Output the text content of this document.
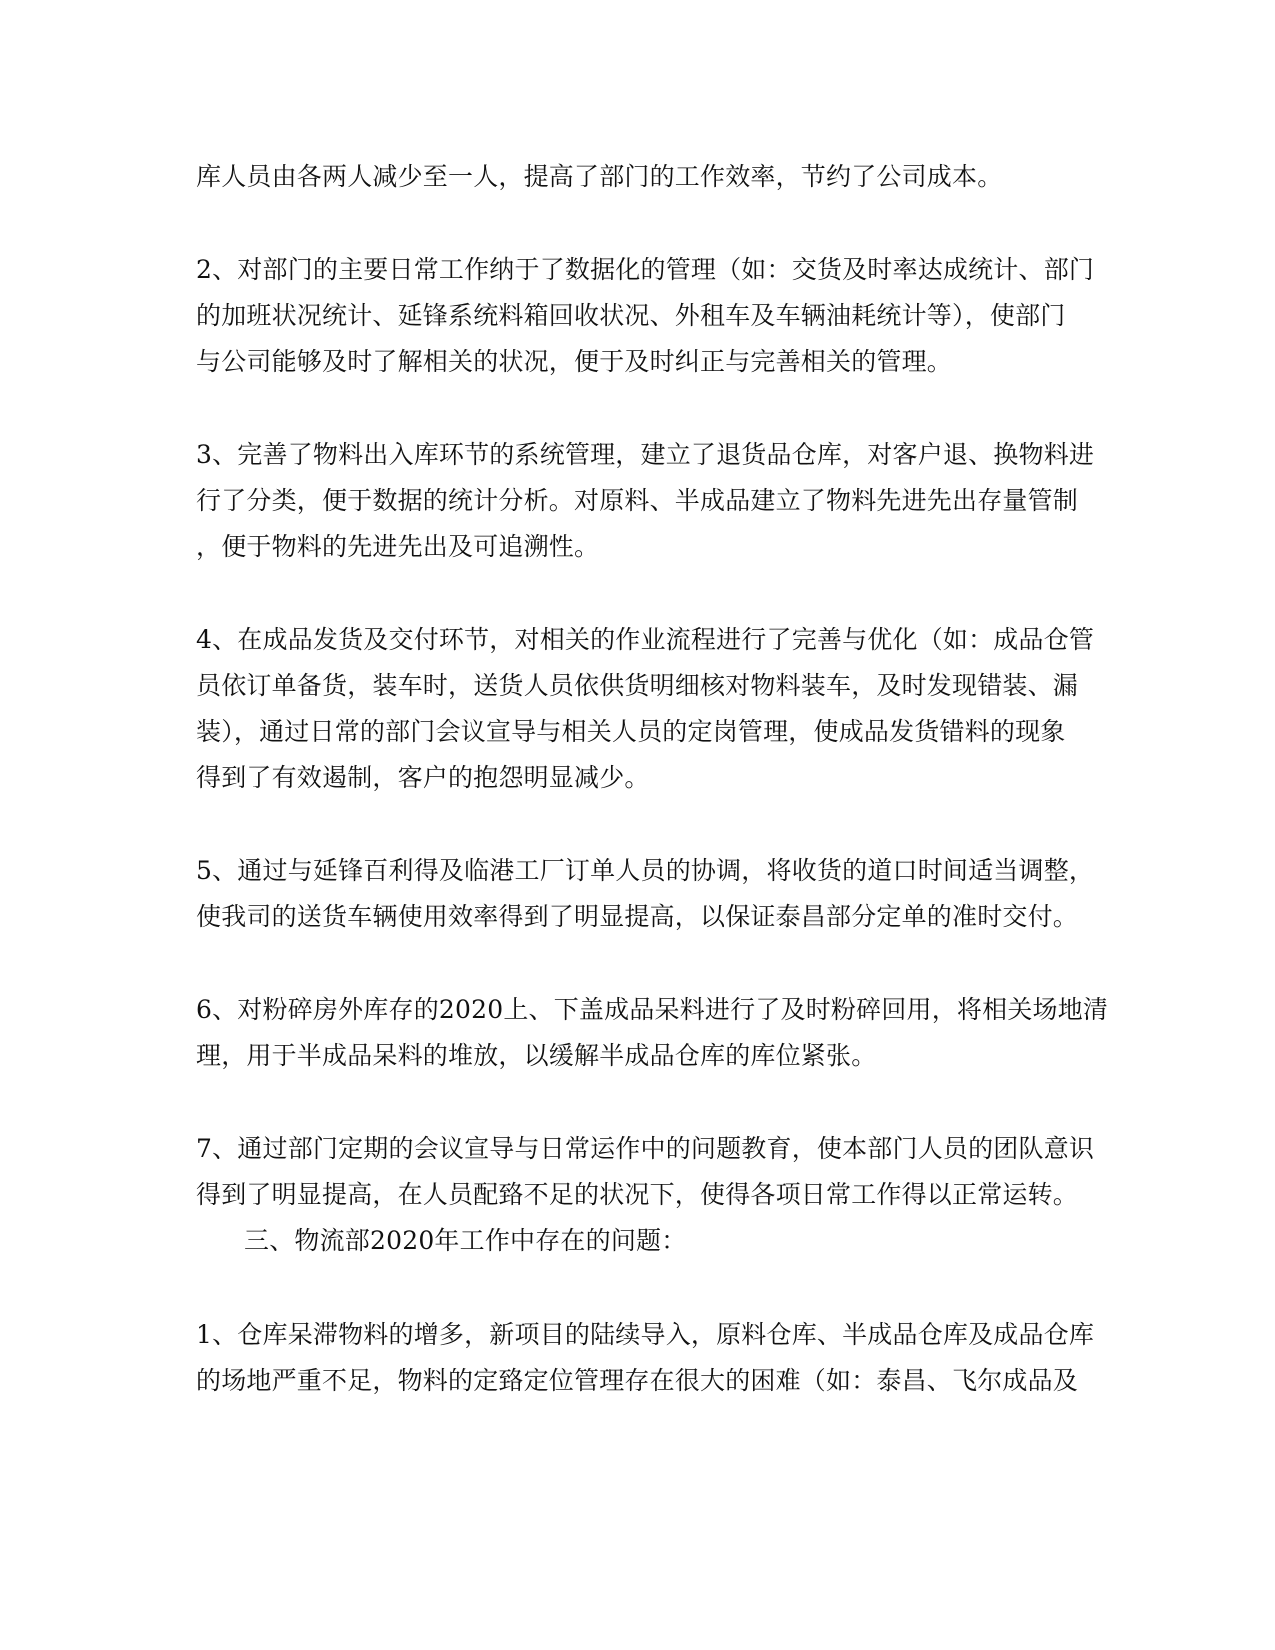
库人员由各两人减少至一人，提高了部门的工作效率，节约了公司成本。
2、对部门的主要日常工作纳于了数据化的管理（如：交货及时率达成统计、部门
的加班状况统计、延锋系统料箱回收状况、外租车及车辆油耗统计等），使部门
与公司能够及时了解相关的状况，便于及时纠正与完善相关的管理。
3、完善了物料出入库环节的系统管理，建立了退货品仓库，对客户退、换物料进
行了分类，便于数据的统计分析。对原料、半成品建立了物料先进先出存量管制
，便于物料的先进先出及可追溯性。
4、在成品发货及交付环节，对相关的作业流程进行了完善与优化（如：成品仓管
员依订单备货，装车时，送货人员依供货明细核对物料装车，及时发现错装、漏
装），通过日常的部门会议宣导与相关人员的定岗管理，使成品发货错料的现象
得到了有效遏制，客户的抱怨明显减少。
5、通过与延锋百利得及临港工厂订单人员的协调，将收货的道口时间适当调整，
使我司的送货车辆使用效率得到了明显提高，以保证泰昌部分定单的准时交付。
6、对粉碎房外库存的2020上、下盖成品呆料进行了及时粉碎回用，将相关场地清
理，用于半成品呆料的堆放，以缓解半成品仓库的库位紧张。
7、通过部门定期的会议宣导与日常运作中的问题教育，使本部门人员的团队意识
得到了明显提高，在人员配臵不足的状况下，使得各项日常工作得以正常运转。
三、物流部2020年工作中存在的问题：
1、仓库呆滞物料的增多，新项目的陆续导入，原料仓库、半成品仓库及成品仓库
的场地严重不足，物料的定臵定位管理存在很大的困难（如：泰昌、飞尔成品及
